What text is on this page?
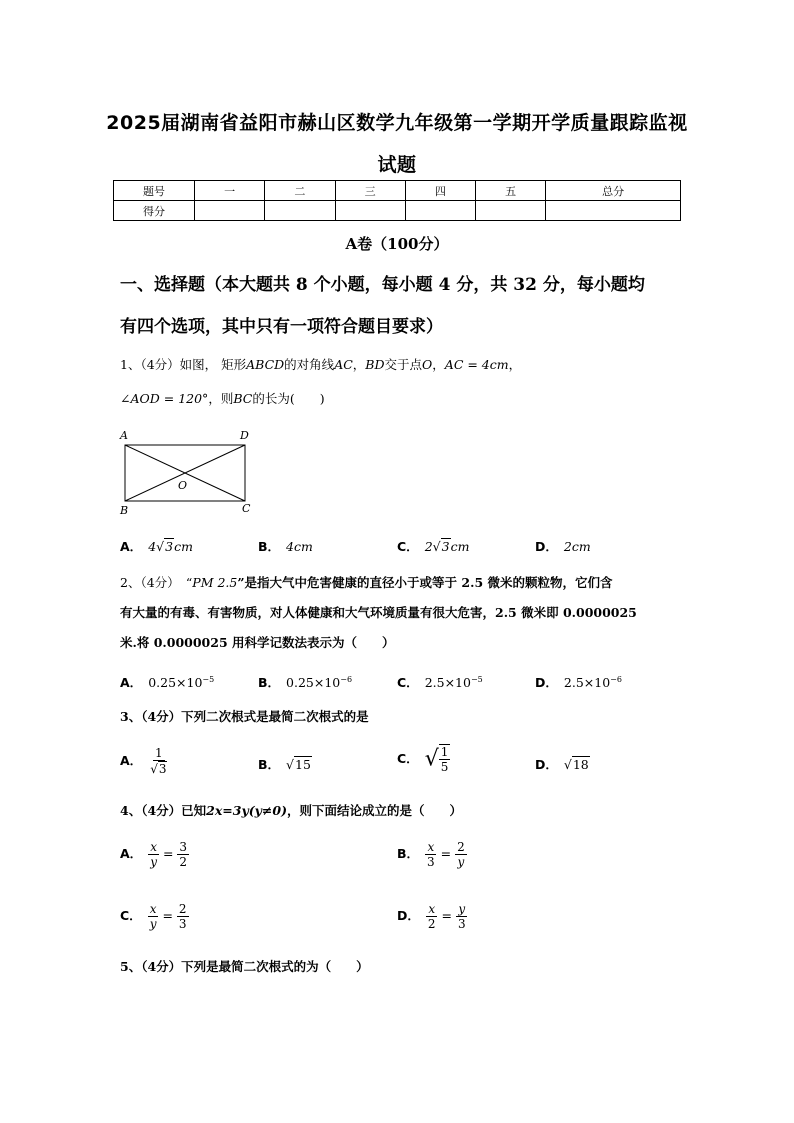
2025届湖南省益阳市赫山区数学九年级第一学期开学质量跟踪监视
试题
题号	一	二	三	四	五	总分
得分						
A卷（100分）
一、选择题（本大题共 8 个小题，每小题 4 分，共 32 分，每小题均
有四个选项，其中只有一项符合题目要求）
1、（4分）如图， 矩形ABCD的对角线AC，BD交于点O，AC = 4cm，
∠AOD = 120°，则BC的长为(　　)
A	D
B	C
O
A． 4√3cm	B． 4cm	C． 2√3cm	D． 2cm
2、（4分）　“PM 2.5”是指大气中危害健康的直径小于或等于 2.5 微米的颗粒物，它们含
有大量的有毒、有害物质，对人体健康和大气环境质量有很大危害，2.5 微米即 0.0000025
米.将 0.0000025 用科学记数法表示为（　　）
A． $0.25\times 10^{-5}$	B． $0.25\times 10^{-6}$	C． $2.5\times 10^{-5}$	D． $2.5\times 10^{-6}$
3、（4分）下列二次根式是最简二次根式的是
A． $\frac{1}{√3}$	B． √15	C． √ $\frac{1}{5}$	D． √18
4、（4分）已知2x=3y(y≠0)，则下面结论成立的是（　　）
A． $\frac{x}{y} = \frac{3}{2}$	B． $\frac{x}{3} = \frac{2}{y}$
C． $\frac{x}{y} = \frac{2}{3}$	D． $\frac{x}{2} = \frac{y}{3}$
5、（4分）下列是最简二次根式的为（　　）
